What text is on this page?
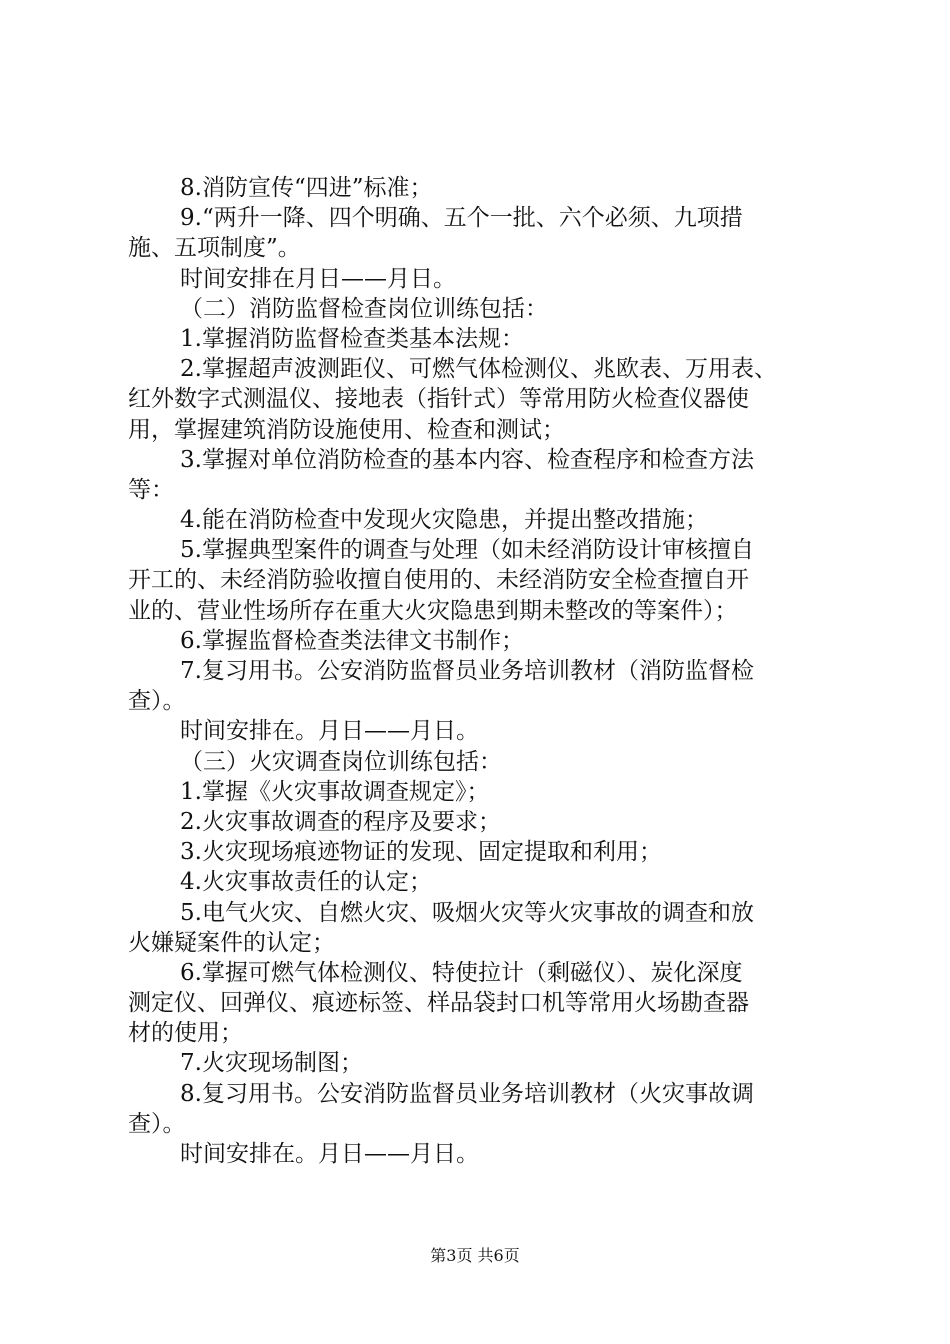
8.消防宣传“四进”标准；
9.“两升一降、四个明确、五个一批、六个必须、九项措
施、五项制度”。
时间安排在月日——月日。
（二）消防监督检查岗位训练包括：
1.掌握消防监督检查类基本法规：
2.掌握超声波测距仪、可燃气体检测仪、兆欧表、万用表、
红外数字式测温仪、接地表（指针式）等常用防火检查仪器使
用，掌握建筑消防设施使用、检查和测试；
3.掌握对单位消防检查的基本内容、检查程序和检查方法
等：
4.能在消防检查中发现火灾隐患，并提出整改措施；
5.掌握典型案件的调查与处理（如未经消防设计审核擅自
开工的、未经消防验收擅自使用的、未经消防安全检查擅自开
业的、营业性场所存在重大火灾隐患到期未整改的等案件）；
6.掌握监督检查类法律文书制作；
7.复习用书。公安消防监督员业务培训教材（消防监督检
查）。
时间安排在。月日——月日。
（三）火灾调查岗位训练包括：
1.掌握《火灾事故调查规定》；
2.火灾事故调查的程序及要求；
3.火灾现场痕迹物证的发现、固定提取和利用；
4.火灾事故责任的认定；
5.电气火灾、自燃火灾、吸烟火灾等火灾事故的调查和放
火嫌疑案件的认定；
6.掌握可燃气体检测仪、特使拉计（剩磁仪）、炭化深度
测定仪、回弹仪、痕迹标签、样品袋封口机等常用火场勘查器
材的使用；
7.火灾现场制图；
8.复习用书。公安消防监督员业务培训教材（火灾事故调
查）。
时间安排在。月日——月日。
第3页 共6页
